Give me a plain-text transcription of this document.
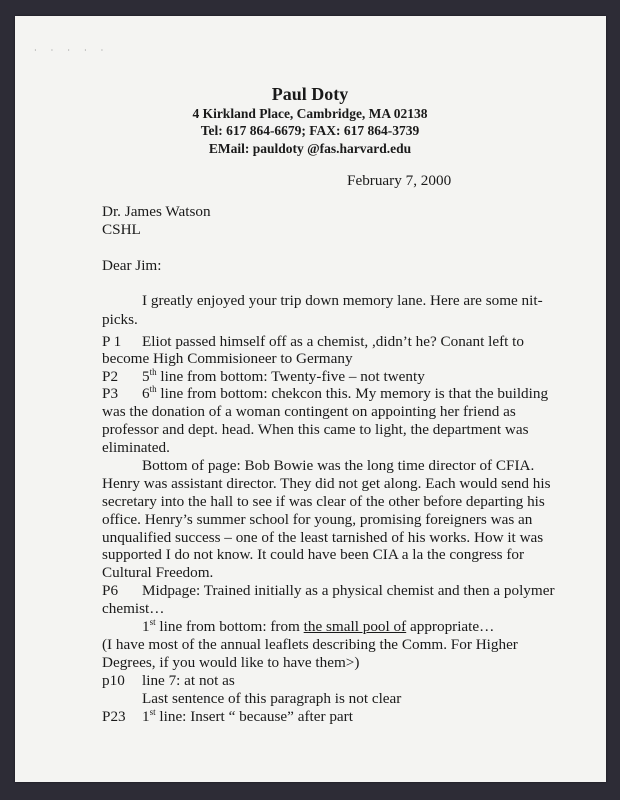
· · · · ·
Paul Doty
4 Kirkland Place, Cambridge, MA 02138
Tel: 617 864-6679; FAX: 617 864-3739
EMail: pauldoty @fas.harvard.edu
February 7, 2000
Dr. James Watson
CSHL
Dear Jim:
I greatly enjoyed your trip down memory lane. Here are some nit-
picks.
P 1 Eliot passed himself off as a chemist, ,didn’t he? Conant left to
become High Commisioneer to Germany
P2 5th line from bottom: Twenty-five – not twenty
P3 6th line from bottom: chekcon this. My memory is that the building
was the donation of a woman contingent on appointing her friend as
professor and dept. head. When this came to light, the department was
eliminated.
Bottom of page: Bob Bowie was the long time director of CFIA.
Henry was assistant director. They did not get along. Each would send his
secretary into the hall to see if was clear of the other before departing his
office. Henry’s summer school for young, promising foreigners was an
unqualified success – one of the least tarnished of his works. How it was
supported I do not know. It could have been CIA a la the congress for
Cultural Freedom.
P6 Midpage: Trained initially as a physical chemist and then a polymer
chemist…
1st line from bottom: from the small pool of appropriate…
(I have most of the annual leaflets describing the Comm. For Higher
Degrees, if you would like to have them>)
p10 line 7: at not as
Last sentence of this paragraph is not clear
P23 1st line: Insert “ because” after part
